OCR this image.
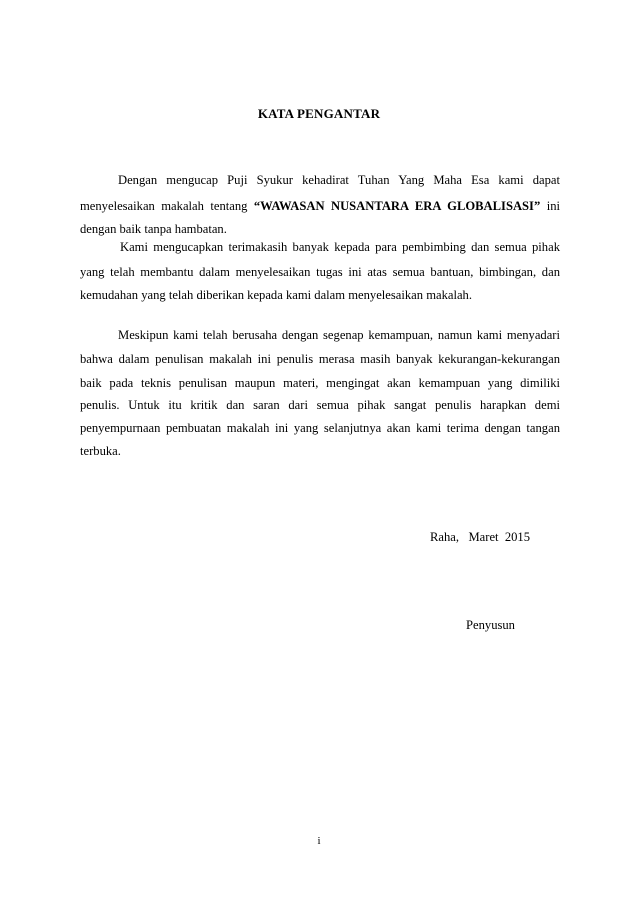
KATA PENGANTAR
Dengan mengucap Puji Syukur kehadirat Tuhan Yang Maha Esa kami dapat
menyelesaikan makalah tentang “WAWASAN NUSANTARA ERA GLOBALISASI” ini
dengan baik tanpa hambatan.
Kami mengucapkan terimakasih banyak kepada para pembimbing dan semua pihak
yang telah membantu dalam menyelesaikan tugas ini atas semua bantuan, bimbingan, dan
kemudahan yang telah diberikan kepada kami dalam menyelesaikan makalah.
Meskipun kami telah berusaha dengan segenap kemampuan, namun kami menyadari
bahwa dalam penulisan makalah ini penulis merasa masih banyak kekurangan-kekurangan
baik pada teknis penulisan maupun materi, mengingat akan kemampuan yang dimiliki
penulis. Untuk itu kritik dan saran dari semua pihak sangat penulis harapkan demi
penyempurnaan pembuatan makalah ini yang selanjutnya akan kami terima dengan tangan
terbuka.
Raha,   Maret  2015
Penyusun
i
